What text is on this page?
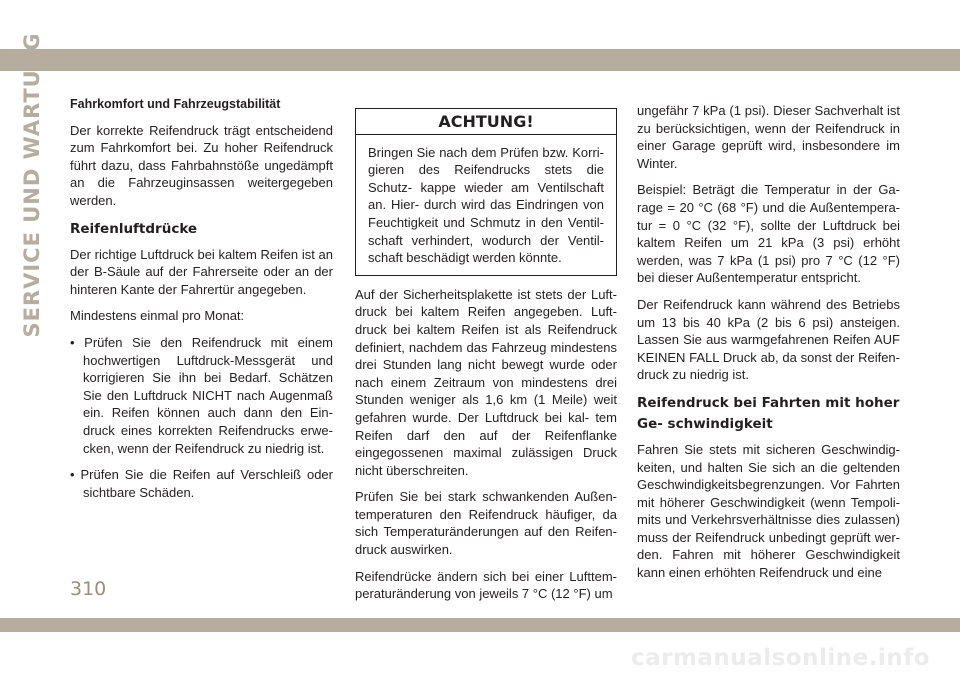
SERVICE UND WARTUNG Fahrkomfort und Fahrzeugstabilität

Der korrekte Reifendruck trägt entscheidend zum Fahrkomfort bei. Zu hoher Reifendruck führt dazu, dass Fahrbahnstöße ungedämpft an die Fahrzeuginsassen weitergegeben werden.

Reifenluftdrücke

Der richtige Luftdruck bei kaltem Reifen ist an der B-Säule auf der Fahrerseite oder an der hinteren Kante der Fahrertür angegeben.

Mindestens einmal pro Monat:

• Prüfen Sie den Reifendruck mit einem hochwertigen Luftdruck-Messgerät und korrigieren Sie ihn bei Bedarf. Schätzen Sie den Luftdruck NICHT nach Augenmaß ein. Reifen können auch dann den Ein- druck eines korrekten Reifendrucks erwe- cken, wenn der Reifendruck zu niedrig ist.
• Prüfen Sie die Reifen auf Verschleiß oder sichtbare Schäden.
ACHTUNG!
Bringen Sie nach dem Prüfen bzw. Korri- gieren des Reifendrucks stets die Schutz- kappe wieder am Ventilschaft an. Hier- durch wird das Eindringen von Feuchtigkeit und Schmutz in den Ventil- schaft verhindert, wodurch der Ventil- schaft beschädigt werden könnte.

Auf der Sicherheitsplakette ist stets der Luft- druck bei kaltem Reifen angegeben. Luft- druck bei kaltem Reifen ist als Reifendruck definiert, nachdem das Fahrzeug mindestens drei Stunden lang nicht bewegt wurde oder nach einem Zeitraum von mindestens drei Stunden weniger als 1,6 km (1 Meile) weit gefahren wurde. Der Luftdruck bei kal- tem Reifen darf den auf der Reifenflanke eingegossenen maximal zulässigen Druck nicht überschreiten.

Prüfen Sie bei stark schwankenden Außen- temperaturen den Reifendruck häufiger, da sich Temperaturänderungen auf den Reifen- druck auswirken.

Reifendrücke ändern sich bei einer Lufttem- peraturänderung von jeweils 7 °C (12 °F) um

ungefähr 7 kPa (1 psi). Dieser Sachverhalt ist zu berücksichtigen, wenn der Reifendruck in einer Garage geprüft wird, insbesondere im Winter.

Beispiel: Beträgt die Temperatur in der Ga- rage = 20 °C (68 °F) und die Außentempera- tur = 0 °C (32 °F), sollte der Luftdruck bei kaltem Reifen um 21 kPa (3 psi) erhöht werden, was 7 kPa (1 psi) pro 7 °C (12 °F) bei dieser Außentemperatur entspricht.

Der Reifendruck kann während des Betriebs um 13 bis 40 kPa (2 bis 6 psi) ansteigen. Lassen Sie aus warmgefahrenen Reifen AUF KEINEN FALL Druck ab, da sonst der Reifen- druck zu niedrig ist.

Reifendruck bei Fahrten mit hoher Ge- schwindigkeit

Fahren Sie stets mit sicheren Geschwindig- keiten, und halten Sie sich an die geltenden Geschwindigkeitsbegrenzungen. Vor Fahrten mit höherer Geschwindigkeit (wenn Tempoli- mits und Verkehrsverhältnisse dies zulassen) muss der Reifendruck unbedingt geprüft wer- den. Fahren mit höherer Geschwindigkeit kann einen erhöhten Reifendruck und eine

310
carmanualsonline.info
